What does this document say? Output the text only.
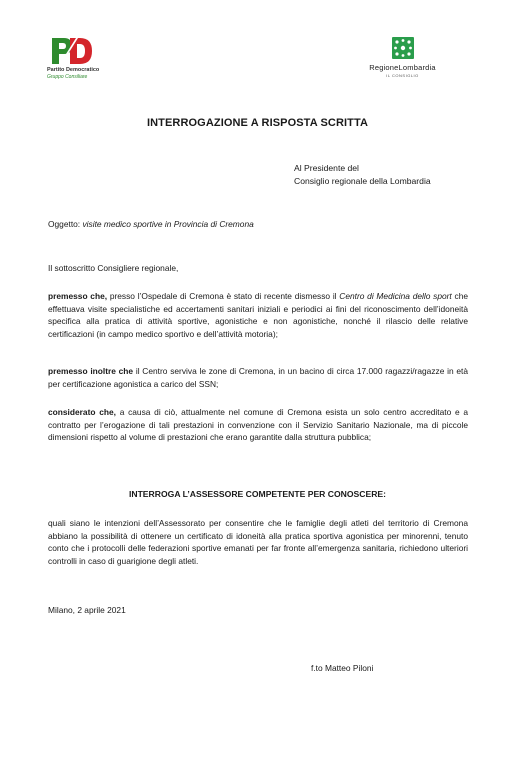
Partito Democratico
Gruppo Consiliare
RegioneLombardia
IL CONSIGLIO
INTERROGAZIONE A RISPOSTA SCRITTA
Al Presidente del
Consiglio regionale della Lombardia
Oggetto: visite medico sportive in Provincia di Cremona
Il sottoscritto Consigliere regionale,
premesso che, presso l’Ospedale di Cremona è stato di recente dismesso il Centro di Medicina dello sport che effettuava visite specialistiche ed accertamenti sanitari iniziali e periodici ai fini del riconoscimento dell’idoneità specifica alla pratica di attività sportive, agonistiche e non agonistiche, nonché il rilascio delle relative certificazioni (in campo medico sportivo e dell’attività motoria);
premesso inoltre che il Centro serviva le zone di Cremona, in un bacino di circa 17.000 ragazzi/ragazze in età per certificazione agonistica a carico del SSN;
considerato che, a causa di ciò, attualmente nel comune di Cremona esista un solo centro accreditato e a contratto per l’erogazione di tali prestazioni in convenzione con il Servizio Sanitario Nazionale, ma di piccole dimensioni rispetto al volume di prestazioni che erano garantite dalla struttura pubblica;
INTERROGA L’ASSESSORE COMPETENTE PER CONOSCERE:
quali siano le intenzioni dell’Assessorato per consentire che le famiglie degli atleti del territorio di Cremona abbiano la possibilità di ottenere un certificato di idoneità alla pratica sportiva agonistica per minorenni, tenuto conto che i protocolli delle federazioni sportive emanati per far fronte all’emergenza sanitaria, richiedono ulteriori controlli in caso di guarigione degli atleti.
Milano, 2 aprile 2021
f.to Matteo Piloni
